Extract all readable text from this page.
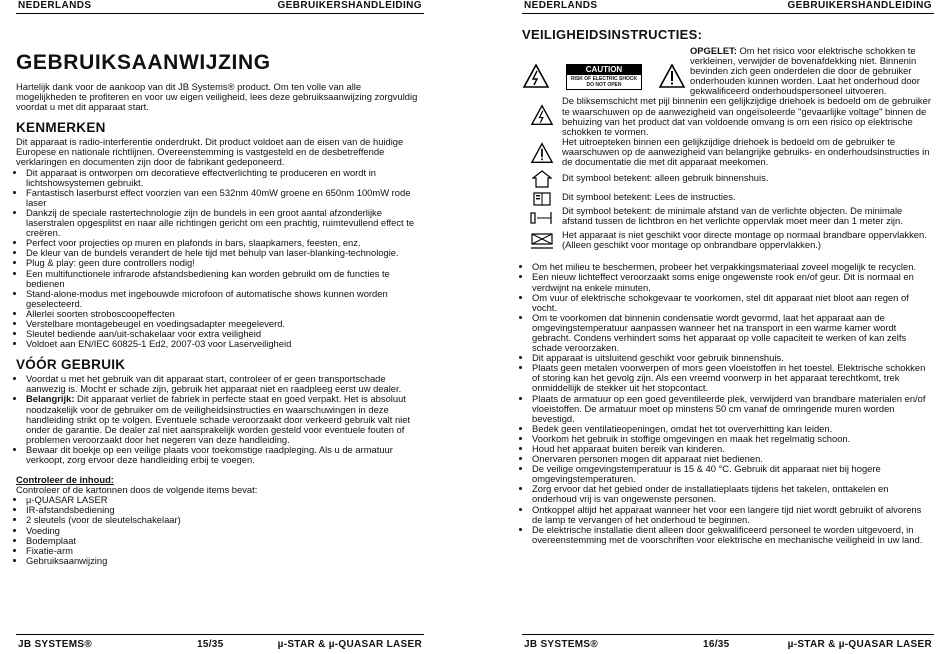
NEDERLANDS	GEBRUIKERSHANDLEIDING
GEBRUIKSAANWIJZING

Hartelijk dank voor de aankoop van dit JB Systems® product. Om ten volle van alle mogelijkheden te profiteren en voor uw eigen veiligheid, lees deze gebruiksaanwijzing zorgvuldig voordat u met dit apparaat start.

KENMERKEN

Dit apparaat is radio-interferentie onderdrukt. Dit product voldoet aan de eisen van de huidige Europese en nationale richtlijnen. Overeenstemming is vastgesteld en de desbetreffende verklaringen en documenten zijn door de fabrikant gedeponeerd.

• Dit apparaat is ontworpen om decoratieve effectverlichting te produceren en wordt in lichtshowsystemen gebruikt.
• Fantastisch laserburst effect voorzien van een 532nm 40mW groene en 650nm 100mW rode laser
• Dankzij de speciale rastertechnologie zijn de bundels in een groot aantal afzonderlijke laserstralen opgesplitst en naar alle richtingen gericht om een prachtig, ruimtevullend effect te creëren.
• Perfect voor projecties op muren en plafonds in bars, slaapkamers, feesten, enz.
• De kleur van de bundels verandert de hele tijd met behulp van laser-blanking-technologie.
• Plug & play: geen dure controllers nodig!
• Een multifunctionele infrarode afstandsbediening kan worden gebruikt om de functies te bedienen
• Stand-alone-modus met ingebouwde microfoon of automatische shows kunnen worden geselecteerd.
• Allerlei soorten stroboscoopeffecten
• Verstelbare montagebeugel en voedingsadapter meegeleverd.
• Sleutel bediende aan/uit-schakelaar voor extra veiligheid
• Voldoet aan EN/IEC 60825-1 Ed2, 2007-03 voor Laserveiligheid
VÓÓR GEBRUIK
• Voordat u met het gebruik van dit apparaat start, controleer of er geen transportschade aanwezig is. Mocht er schade zijn, gebruik het apparaat niet en raadpleeg eerst uw dealer.
• Belangrijk: Dit apparaat verliet de fabriek in perfecte staat en goed verpakt. Het is absoluut noodzakelijk voor de gebruiker om de veiligheidsinstructies en waarschuwingen in deze handleiding strikt op te volgen. Eventuele schade veroorzaakt door verkeerd gebruik valt niet onder de garantie. De dealer zal niet aansprakelijk worden gesteld voor eventuele fouten of problemen veroorzaakt door het negeren van deze handleiding.
• Bewaar dit boekje op een veilige plaats voor toekomstige raadpleging. Als u de armatuur verkoopt, zorg ervoor deze handleiding erbij te voegen.

Controleer de inhoud:

Controleer of de kartonnen doos de volgende items bevat:

• µ-QUASAR LASER
• IR-afstandsbediening
• 2 sleutels (voor de sleutelschakelaar)
• Voeding
• Bodemplaat
• Fixatie-arm
• Gebruiksaanwijzing
JB SYSTEMS®	15/35	µ-STAR & µ-QUASAR LASER
NEDERLANDS	GEBRUIKERSHANDLEIDING
VEILIGHEIDSINSTRUCTIES:
CAUTION
RISK OF ELECTRIC SHOCK DO NOT OPEN
OPGELET: Om het risico voor elektrische schokken te verkleinen, verwijder de bovenafdekking niet. Binnenin bevinden zich geen onderdelen die door de gebruiker onderhouden kunnen worden. Laat het onderhoud door gekwalificeerd onderhoudspersoneel uitvoeren.
De bliksemschicht met pijl binnenin een gelijkzijdige driehoek is bedoeld om de gebruiker te waarschuwen op de aanwezigheid van ongeïsoleerde "gevaarlijke voltage" binnen de behuizing van het product dat van voldoende omvang is om een risico op elektrische schokken te vormen.
Het uitroepteken binnen een gelijkzijdige driehoek is bedoeld om de gebruiker te waarschuwen op de aanwezigheid van belangrijke gebruiks- en onderhoudsinstructies in de documentatie die met dit apparaat meekomen.
Dit symbool betekent: alleen gebruik binnenshuis.
Dit symbool betekent: Lees de instructies.
Dit symbool betekent: de minimale afstand van de verlichte objecten. De minimale afstand tussen de lichtbron en het verlichte oppervlak moet meer dan 1 meter zijn.
Het apparaat is niet geschikt voor directe montage op normaal brandbare oppervlakken. (Alleen geschikt voor montage op onbrandbare oppervlakken.)
• Om het milieu te beschermen, probeer het verpakkingsmateriaal zoveel mogelijk te recyclen.
• Een nieuw lichteffect veroorzaakt soms enige ongewenste rook en/of geur. Dit is normaal en verdwijnt na enkele minuten.
• Om vuur of elektrische schokgevaar te voorkomen, stel dit apparaat niet bloot aan regen of vocht.
• Om te voorkomen dat binnenin condensatie wordt gevormd, laat het apparaat aan de omgevingstemperatuur aanpassen wanneer het na transport in een warme kamer wordt gebracht. Condens verhindert soms het apparaat op volle capaciteit te werken of kan zelfs schade veroorzaken.
• Dit apparaat is uitsluitend geschikt voor gebruik binnenshuis.
• Plaats geen metalen voorwerpen of mors geen vloeistoffen in het toestel. Elektrische schokken of storing kan het gevolg zijn. Als een vreemd voorwerp in het apparaat terechtkomt, trek onmiddellijk de stekker uit het stopcontact.
• Plaats de armatuur op een goed geventileerde plek, verwijderd van brandbare materialen en/of vloeistoffen. De armatuur moet op minstens 50 cm vanaf de omringende muren worden bevestigd.
• Bedek geen ventilatieopeningen, omdat het tot oververhitting kan leiden.
• Voorkom het gebruik in stoffige omgevingen en maak het regelmatig schoon.
• Houd het apparaat buiten bereik van kinderen.
• Onervaren personen mogen dit apparaat niet bedienen.
• De veilige omgevingstemperatuur is 15 & 40 °C. Gebruik dit apparaat niet bij hogere omgevingstemperaturen.
• Zorg ervoor dat het gebied onder de installatieplaats tijdens het takelen, onttakelen en onderhoud vrij is van ongewenste personen.
• Ontkoppel altijd het apparaat wanneer het voor een langere tijd niet wordt gebruikt of alvorens de lamp te vervangen of het onderhoud te beginnen.
• De elektrische installatie dient alleen door gekwalificeerd personeel te worden uitgevoerd, in overeenstemming met de voorschriften voor elektrische en mechanische veiligheid in uw land.
JB SYSTEMS®	16/35	µ-STAR & µ-QUASAR LASER
